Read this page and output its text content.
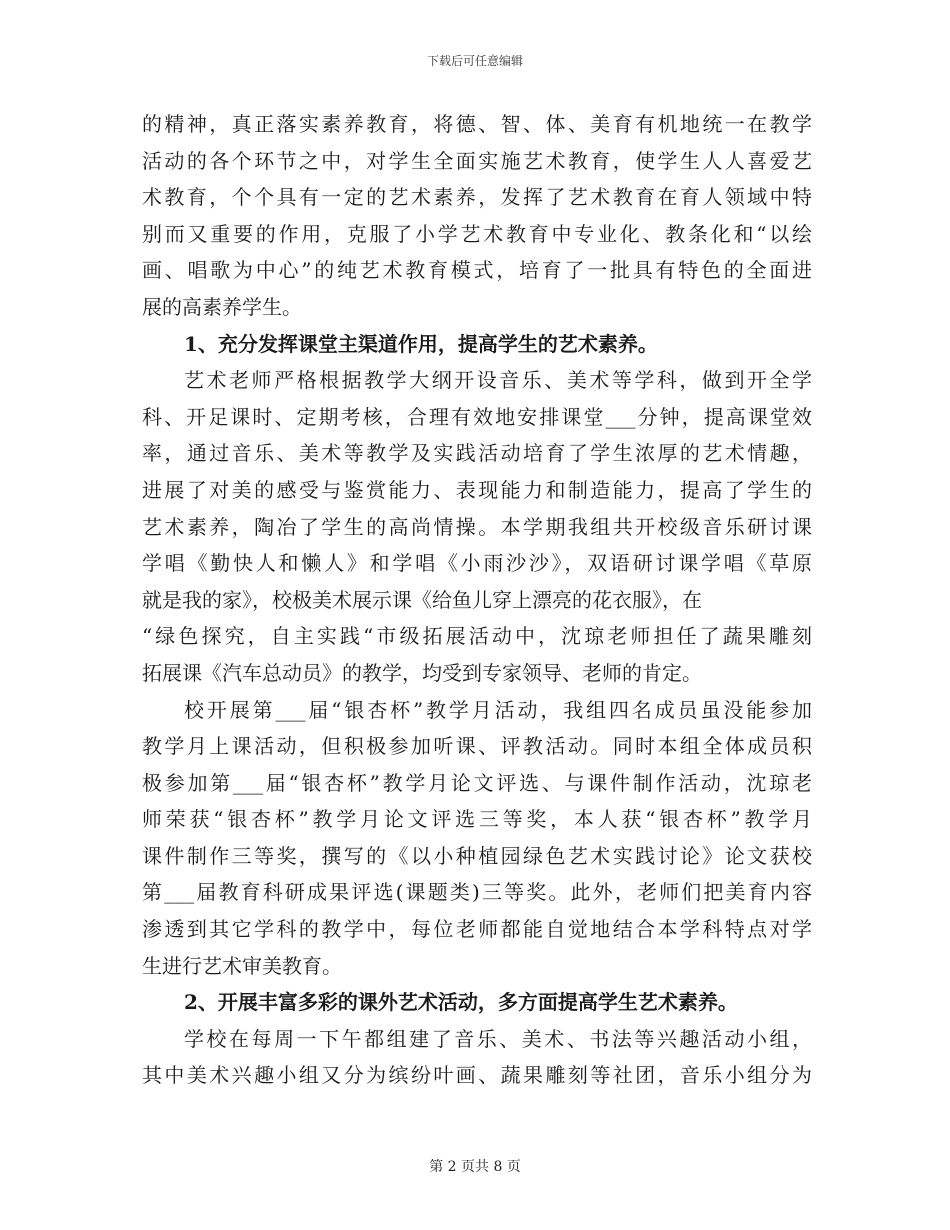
下载后可任意编辑
的精神，真正落实素养教育，将德、智、体、美育有机地统一在教学
活动的各个环节之中，对学生全面实施艺术教育，使学生人人喜爱艺
术教育，个个具有一定的艺术素养，发挥了艺术教育在育人领域中特
别而又重要的作用，克服了小学艺术教育中专业化、教条化和“以绘
画、唱歌为中心”的纯艺术教育模式，培育了一批具有特色的全面进
展的高素养学生。
1、充分发挥课堂主渠道作用，提高学生的艺术素养。
艺术老师严格根据教学大纲开设音乐、美术等学科，做到开全学
科、开足课时、定期考核，合理有效地安排课堂___分钟，提高课堂效
率，通过音乐、美术等教学及实践活动培育了学生浓厚的艺术情趣，
进展了对美的感受与鉴赏能力、表现能力和制造能力，提高了学生的
艺术素养，陶冶了学生的高尚情操。本学期我组共开校级音乐研讨课
学唱《勤快人和懒人》和学唱《小雨沙沙》，双语研讨课学唱《草原
就是我的家》，校极美术展示课《给鱼儿穿上漂亮的花衣服》，在
“绿色探究，自主实践“市级拓展活动中，沈琼老师担任了蔬果雕刻
拓展课《汽车总动员》的教学，均受到专家领导、老师的肯定。
校开展第___届“银杏杯”教学月活动，我组四名成员虽没能参加
教学月上课活动，但积极参加听课、评教活动。同时本组全体成员积
极参加第___届“银杏杯”教学月论文评选、与课件制作活动，沈琼老
师荣获“银杏杯”教学月论文评选三等奖，本人获“银杏杯”教学月
课件制作三等奖，撰写的《以小种植园绿色艺术实践讨论》论文获校
第___届教育科研成果评选(课题类)三等奖。此外，老师们把美育内容
渗透到其它学科的教学中，每位老师都能自觉地结合本学科特点对学
生进行艺术审美教育。
2、开展丰富多彩的课外艺术活动，多方面提高学生艺术素养。
学校在每周一下午都组建了音乐、美术、书法等兴趣活动小组，
其中美术兴趣小组又分为缤纷叶画、蔬果雕刻等社团，音乐小组分为
第 2 页共 8 页
